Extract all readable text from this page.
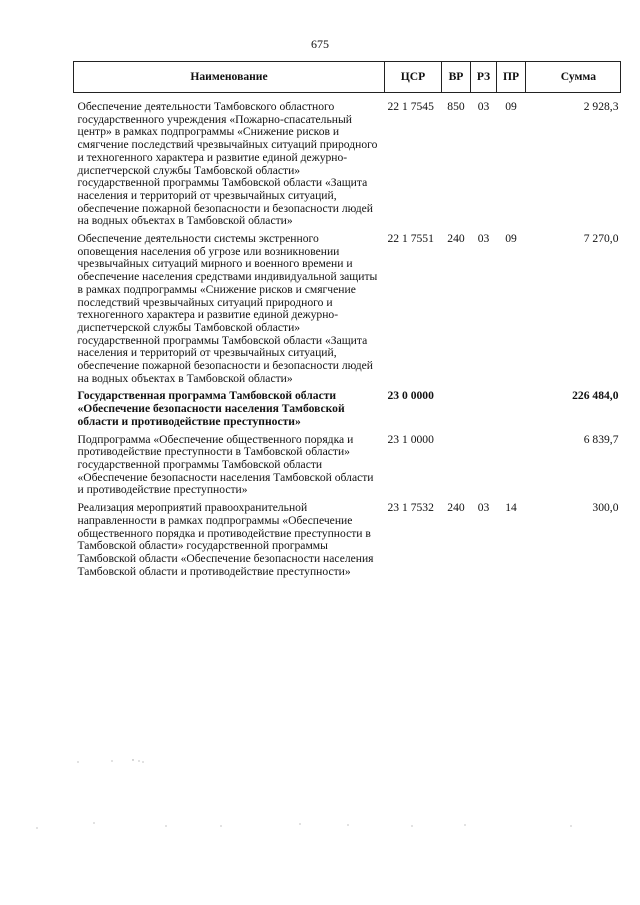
675
Наименование	ЦСР	ВР	РЗ	ПР	Сумма
Обеспечение деятельности Тамбовского областного государственного учреждения «Пожарно-спасательный центр» в рамках подпрограммы «Снижение рисков и смягчение последствий чрезвычайных ситуаций природного и техногенного характера и развитие единой дежурно-диспетчерской службы Тамбовской области» государственной программы Тамбовской области «Защита населения и территорий от чрезвычайных ситуаций, обеспечение пожарной безопасности и безопасности людей на водных объектах в Тамбовской области»	22 1 7545	850	03	09	2 928,3
Обеспечение деятельности системы экстренного оповещения населения об угрозе или возникновении чрезвычайных ситуаций мирного и военного времени и обеспечение населения средствами индивидуальной защиты в рамках подпрограммы «Снижение рисков и смягчение последствий чрезвычайных ситуаций природного и техногенного характера и развитие единой дежурно-диспетчерской службы Тамбовской области» государственной программы Тамбовской области «Защита населения и территорий от чрезвычайных ситуаций, обеспечение пожарной безопасности и безопасности людей на водных объектах в Тамбовской области»	22 1 7551	240	03	09	7 270,0
Государственная программа Тамбовской области «Обеспечение безопасности населения Тамбовской области и противодействие преступности»	23 0 0000				226 484,0
Подпрограмма «Обеспечение общественного порядка и противодействие преступности в Тамбовской области» государственной программы Тамбовской области «Обеспечение безопасности населения Тамбовской области и противодействие преступности»	23 1 0000				6 839,7
Реализация мероприятий правоохранительной направленности в рамках подпрограммы «Обеспечение общественного порядка и противодействие преступности в Тамбовской области» государственной программы Тамбовской области «Обеспечение безопасности населения Тамбовской области и противодействие преступности»	23 1 7532	240	03	14	300,0
